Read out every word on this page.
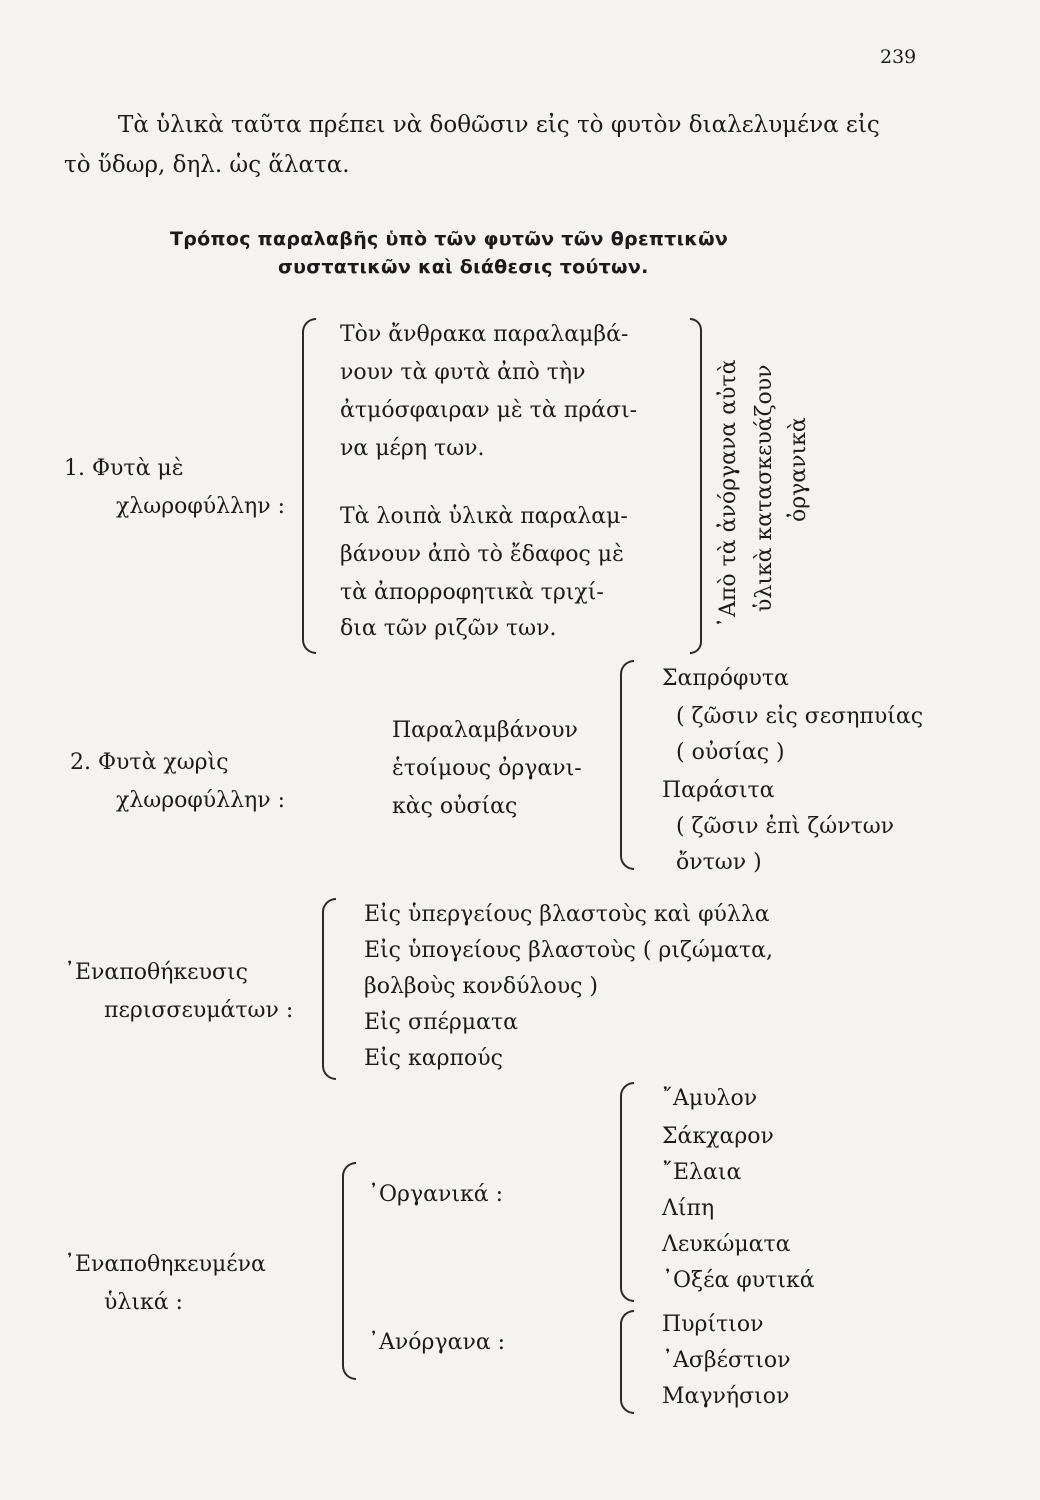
239
Τὰ ὑλικὰ ταῦτα πρέπει νὰ δοθῶσιν εἰς τὸ φυτὸν διαλελυμένα εἰς
τὸ ὕδωρ, δηλ. ὡς ἅλατα.
Τρόπος παραλαβῆς ὑπὸ τῶν φυτῶν τῶν θρεπτικῶν
συστατικῶν καὶ διάθεσις τούτων.
1. Φυτὰ μὲ
χλωροφύλλην :
Τὸν ἄνθρακα παραλαμβά-
νουν τὰ φυτὰ ἀπὸ τὴν
ἀτμόσφαιραν μὲ τὰ πράσι-
να μέρη των.
Τὰ λοιπὰ ὑλικὰ παραλαμ-
βάνουν ἀπὸ τὸ ἔδαφος μὲ
τὰ ἀπορροφητικὰ τριχί-
δια τῶν ριζῶν των.
᾿Απὸ τὰ ἀνόργανα αὐτὰ ὑλικὰ κατασκευάζουν ὀργανικὰ
2. Φυτὰ χωρὶς
χλωροφύλλην :
Παραλαμβάνουν
ἑτοίμους ὀργανι-
κὰς οὐσίας
Σαπρόφυτα
( ζῶσιν εἰς σεσηπυίας
( οὐσίας )
Παράσιτα
( ζῶσιν ἐπὶ ζώντων
ὄντων )
᾿Εναποθήκευσις
περισσευμάτων :
Εἰς ὑπεργείους βλαστοὺς καὶ φύλλα
Εἰς ὑπογείους βλαστοὺς ( ριζώματα,
βολβοὺς κονδύλους )
Εἰς σπέρματα
Εἰς καρπούς
᾿Εναποθηκευμένα
ὑλικά :
᾿Οργανικά :
᾿Ανόργανα :
῎Αμυλον
Σάκχαρον
῎Ελαια
Λίπη
Λευκώματα
᾿Οξέα φυτικά
Πυρίτιον
᾿Ασβέστιον
Μαγνήσιον
